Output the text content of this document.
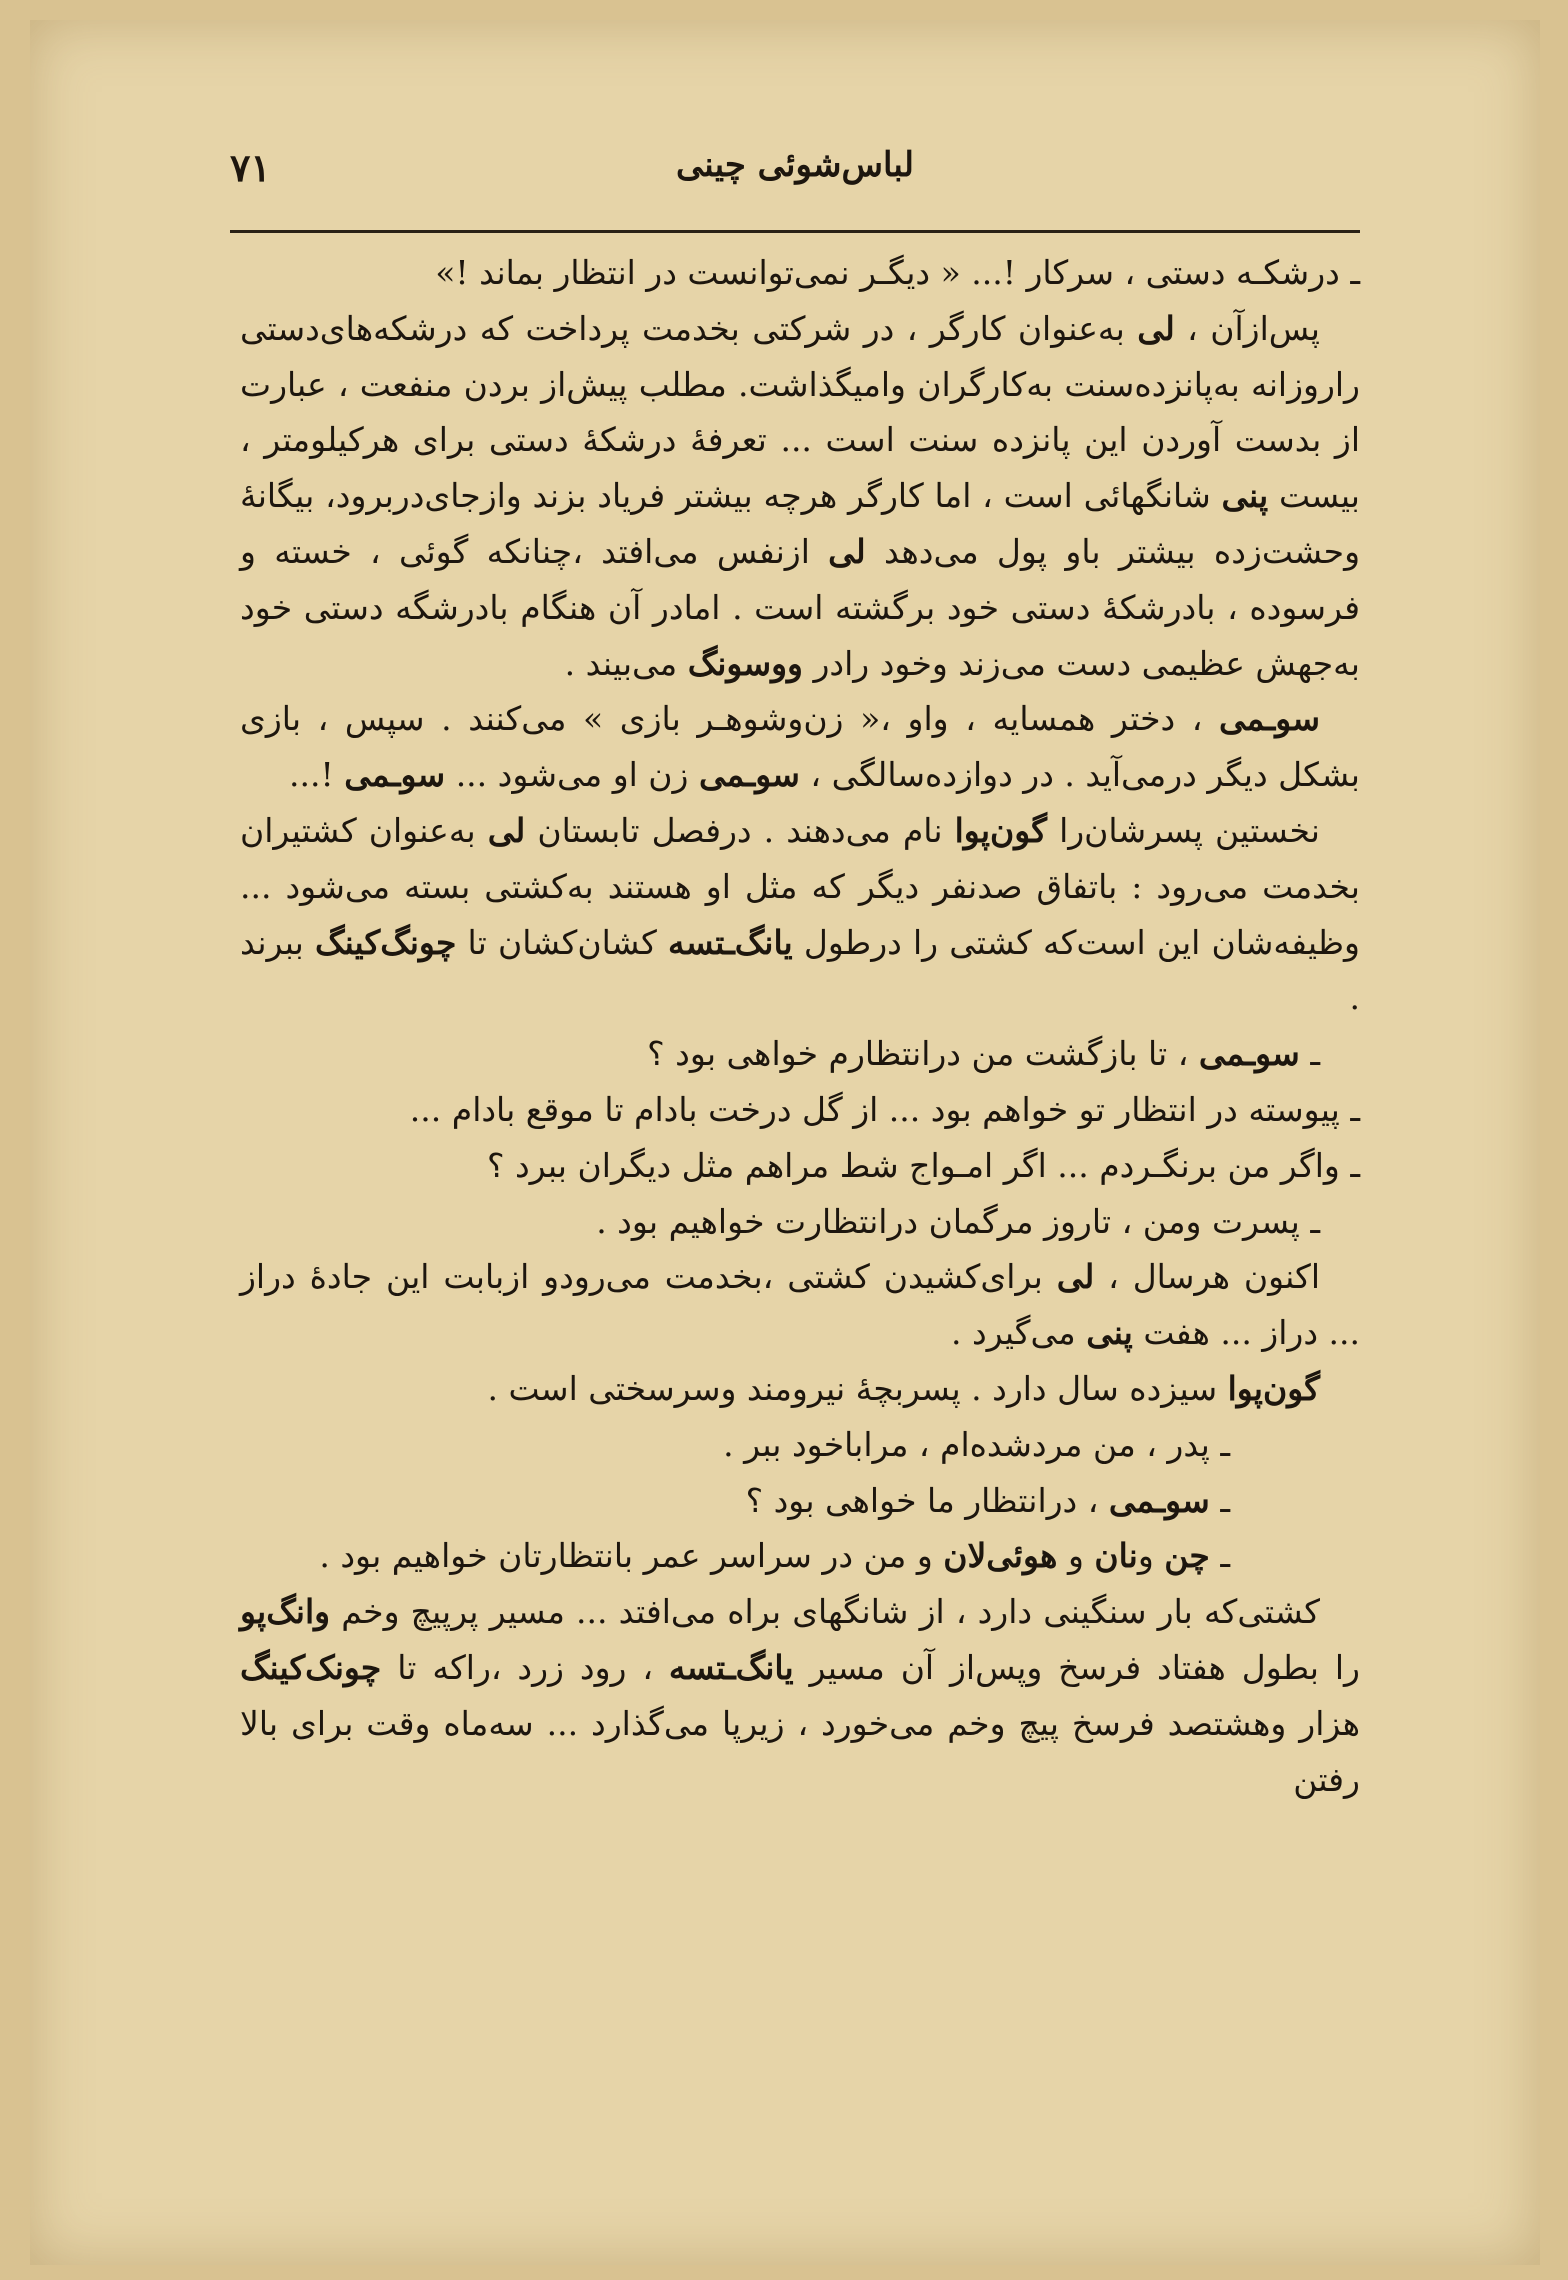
۷۱	لباس‌شوئی چینی

ـ درشکـه دستی ، سرکار !... « دیگـر نمی‌توانست در انتظار بماند !»

پس‌ازآن ، لی به‌عنوان کارگر ، در شرکتی بخدمت پرداخت که درشکه‌های‌دستی راروزانه به‌پانزده‌سنت به‌کارگران وامیگذاشت. مطلب پیش‌از بردن منفعت ، عبارت از بدست آوردن این پانزده سنت است ... تعرفهٔ درشکهٔ دستی برای هرکیلومتر ، بیست پنی شانگهائی است ، اما کارگر هرچه بیشتر فریاد بزند وازجای‌دربرود، بیگانهٔ وحشت‌زده بیشتر باو پول می‌دهد لی ازنفس می‌افتد ،چنانکه گوئی ، خسته و فرسوده ، بادرشکهٔ دستی خود برگشته است . امادر آن هنگام بادرشگه دستی خود به‌جهش عظیمی دست می‌زند وخود رادر ووسونگ می‌بیند .

سو‌ـمی ، دختر همسایه ، واو ،« زن‌وشوهـر بازی » می‌کنند . سپس ، بازی بشکل دیگر درمی‌آید . در دوازده‌سالگی ، سوـمی زن او می‌شود ... سوـمی !...

نخستین پسرشان‌را گون‌پوا نام می‌دهند . درفصل تابستان لی به‌عنوان کشتیران بخدمت می‌رود : باتفاق صدنفر دیگر که مثل او هستند به‌کشتی بسته می‌شود ... وظیفه‌شان این است‌که کشتی را درطول یانگ‌ـتسه کشان‌کشان تا چونگ‌کینگ ببرند .

ـ سوـمی ، تا بازگشت من درانتظارم خواهی بود ؟

ـ پیوسته در انتظار تو خواهم بود ... از گل درخت بادام تا موقع بادام ...

ـ واگر من برنگـردم ... اگر امـواج شط مراهم مثل دیگران ببرد ؟

ـ پسرت ومن ، تاروز مرگمان درانتظارت خواهیم بود .

اکنون هرسال ، لی برای‌کشیدن کشتی ،بخدمت می‌رودو ازبابت این جادهٔ دراز ... دراز ... هفت پنی می‌گیرد .

گون‌پوا سیزده سال دارد . پسربچهٔ نیرومند وسرسختی است .

ـ پدر ، من مردشده‌ام ، مراباخود ببر .

ـ سوـمی ، درانتظار ما خواهی بود ؟

ـ چن ونان و هوئی‌لان و من در سراسر عمر بانتظارتان خواهیم بود .

کشتی‌که بار سنگینی دارد ، از شانگهای براه می‌افتد ... مسیر پرپیچ وخم وانگ‌پو را بطول هفتاد فرسخ وپس‌از آن مسیر یانگ‌ـتسه ، رود زرد ،راکه تا چونک‌کینگ هزار وهشتصد فرسخ پیچ وخم می‌خورد ، زیرپا می‌گذارد ... سه‌ماه وقت برای بالا رفتن
